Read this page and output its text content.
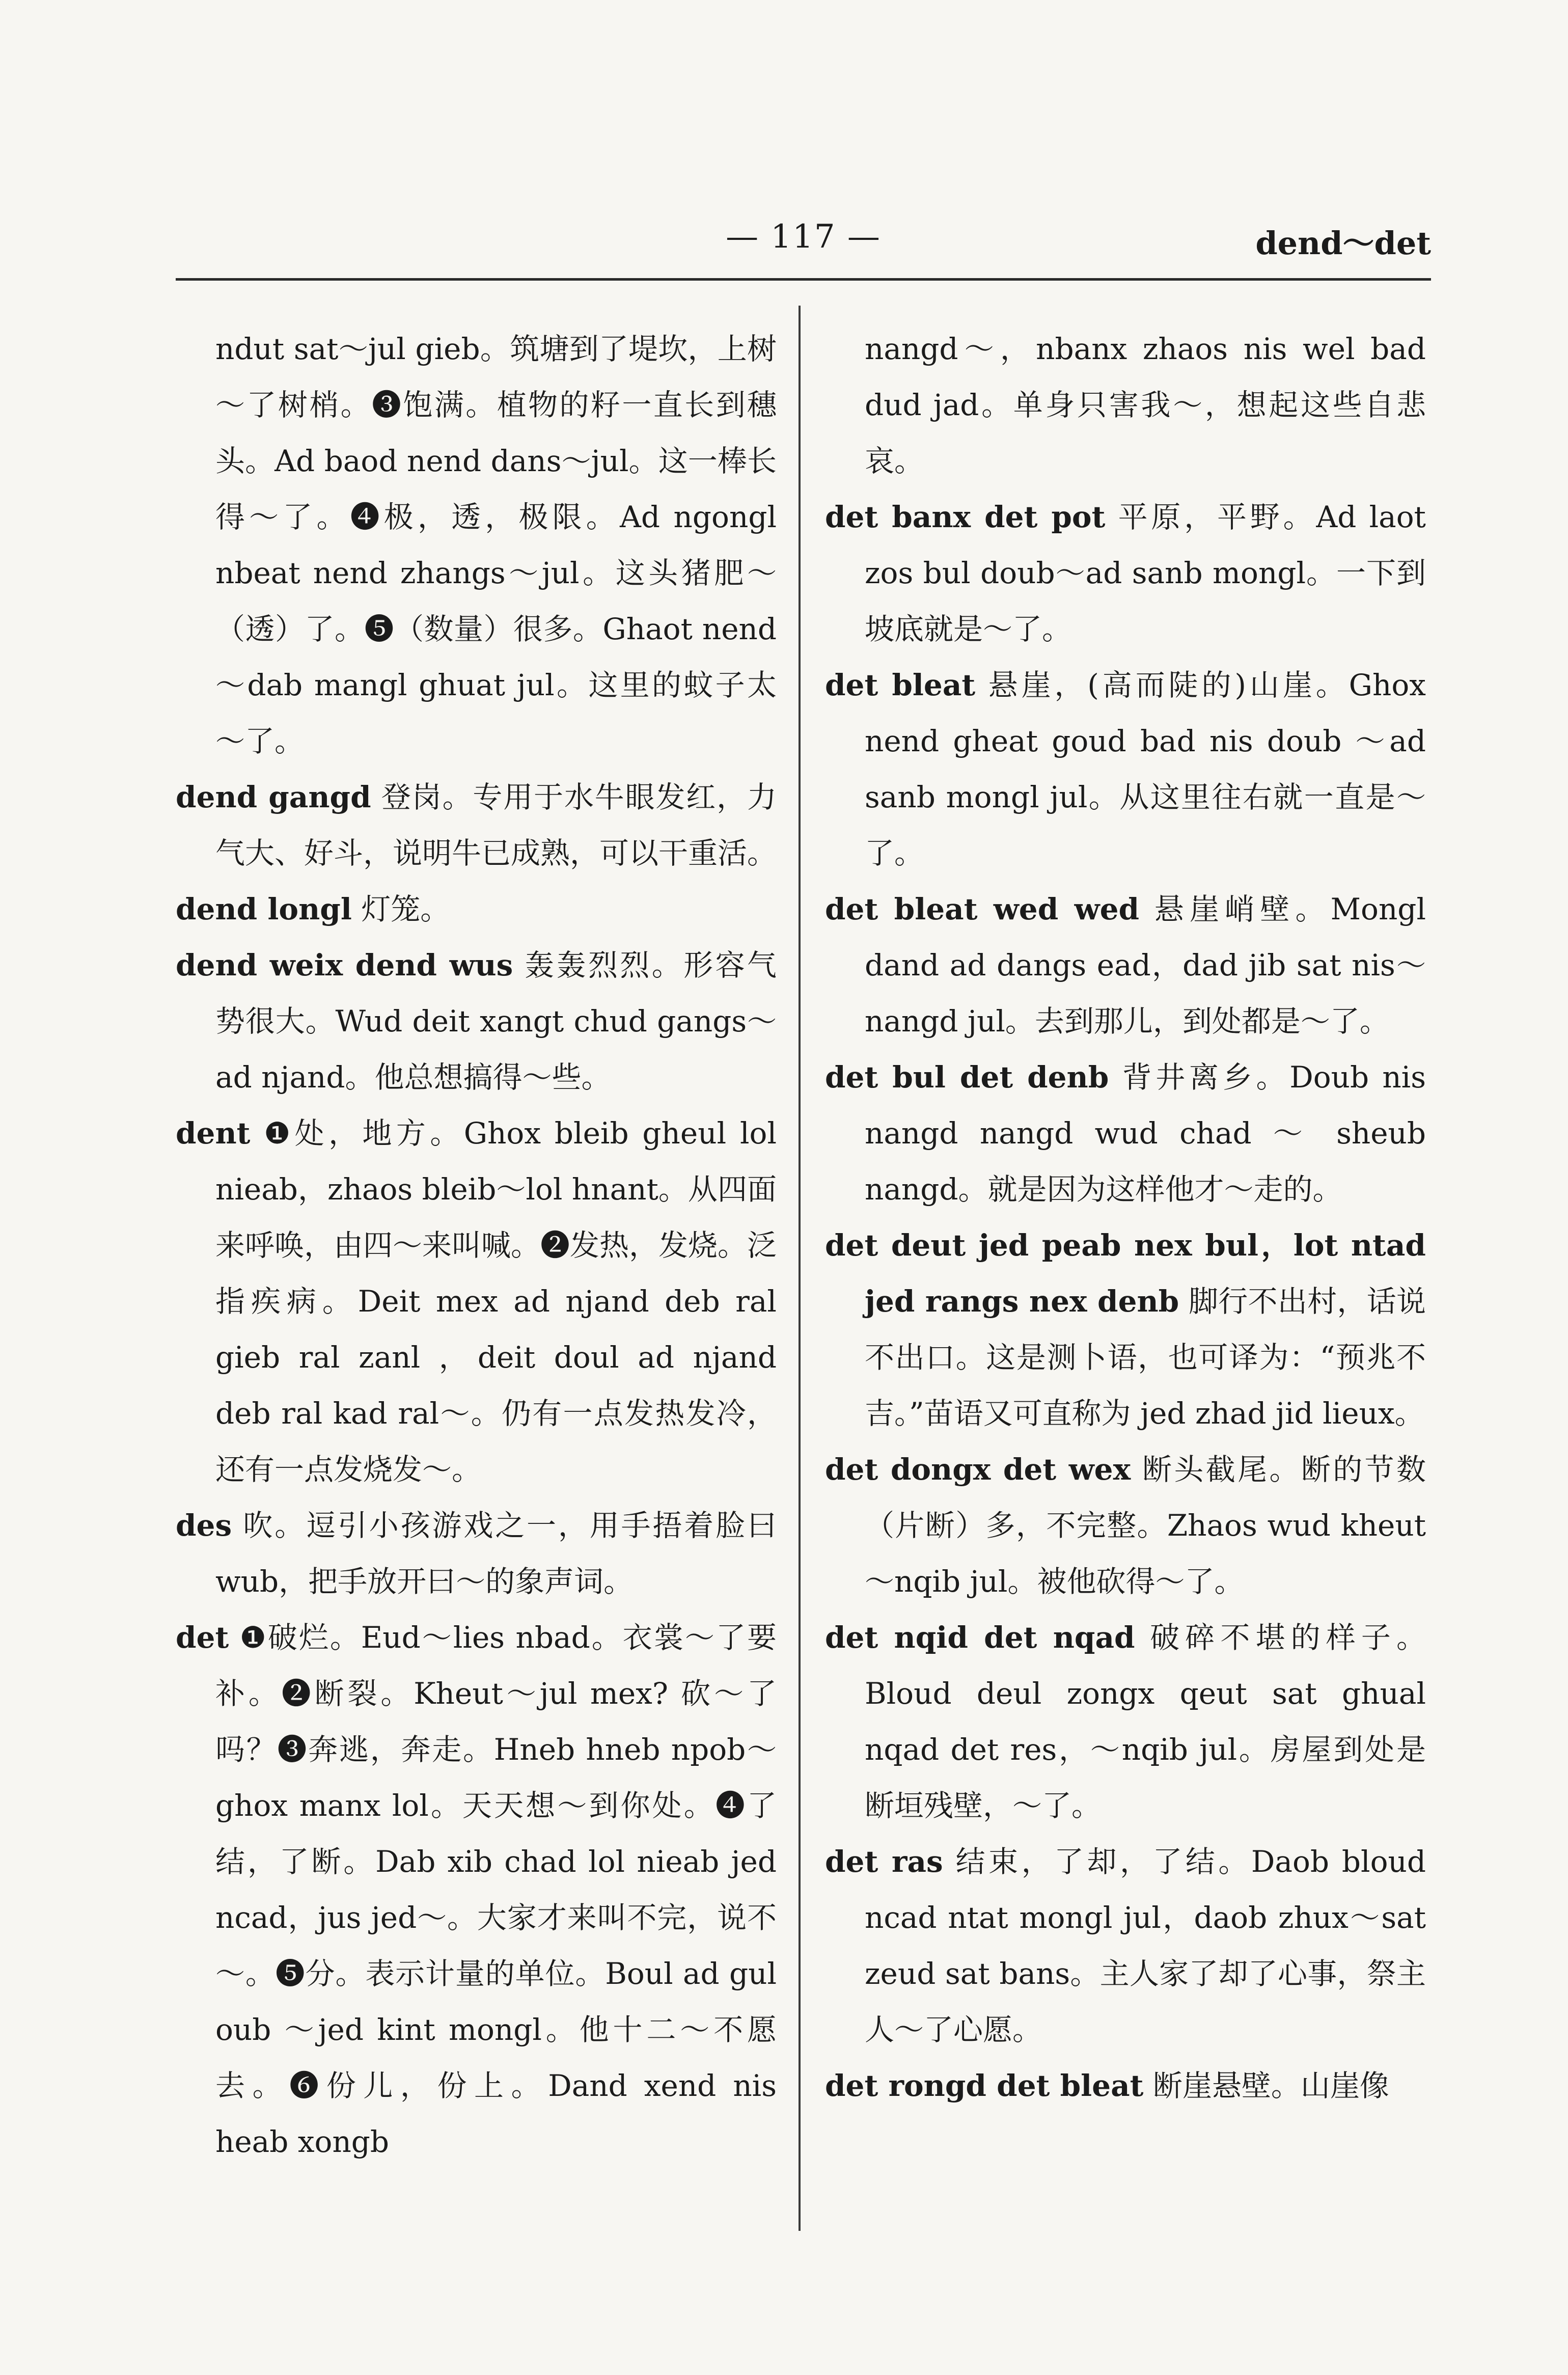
— 117 —	dend～det

ndut sat～jul gieb。筑塘到了堤坎，上树～了树梢。❸饱满。植物的籽一直长到穗头。Ad baod nend dans～jul。这一棒长得～了。❹极，透，极限。Ad ngongl nbeat nend zhangs～jul。这头猪肥～（透）了。❺（数量）很多。Ghaot nend～dab mangl ghuat jul。这里的蚊子太～了。

dend gangd 登岗。专用于水牛眼发红，力气大、好斗，说明牛已成熟，可以干重活。

dend longl 灯笼。

dend weix dend wus 轰轰烈烈。形容气势很大。Wud deit xangt chud gangs～ad njand。他总想搞得～些。

dent ❶处，地方。Ghox bleib gheul lol nieab，zhaos bleib～lol hnant。从四面来呼唤，由四～来叫喊。❷发热，发烧。泛指疾病。Deit mex ad njand deb ral gieb ral zanl ，deit doul ad njand deb ral kad ral～。仍有一点发热发冷，还有一点发烧发～。

des 吹。逗引小孩游戏之一，用手捂着脸曰 wub，把手放开曰～的象声词。

det ❶破烂。Eud～lies nbad。衣裳～了要补。❷断裂。Kheut～jul mex? 砍～了吗？❸奔逃，奔走。Hneb hneb npob～ghox manx lol。天天想～到你处。❹了结，了断。Dab xib chad lol nieab jed ncad，jus jed～。大家才来叫不完，说不～。❺分。表示计量的单位。Boul ad gul oub ～jed kint mongl。他十二～不愿去。❻份儿，份上。Dand xend nis heab xongb

nangd～，nbanx zhaos nis wel bad dud jad。单身只害我～，想起这些自悲哀。

det banx det pot 平原，平野。Ad laot zos bul doub～ad sanb mongl。一下到坡底就是～了。

det bleat 悬崖，(高而陡的)山崖。Ghox nend gheat goud bad nis doub ～ad sanb mongl jul。从这里往右就一直是～了。

det bleat wed wed 悬崖峭壁。Mongl dand ad dangs ead，dad jib sat nis～nangd jul。去到那儿，到处都是～了。

det bul det denb 背井离乡。Doub nis nangd nangd wud chad ～ sheub nangd。就是因为这样他才～走的。

det deut jed peab nex bul，lot ntad jed rangs nex denb 脚行不出村，话说不出口。这是测卜语，也可译为：“预兆不吉。”苗语又可直称为 jed zhad jid lieux。

det dongx det wex 断头截尾。断的节数（片断）多，不完整。Zhaos wud kheut～nqib jul。被他砍得～了。

det nqid det nqad 破碎不堪的样子。Bloud deul zongx qeut sat ghual nqad det res，～nqib jul。房屋到处是断垣残壁，～了。

det ras 结束，了却，了结。Daob bloud ncad ntat mongl jul，daob zhux～sat zeud sat bans。主人家了却了心事，祭主人～了心愿。

det rongd det bleat 断崖悬壁。山崖像
